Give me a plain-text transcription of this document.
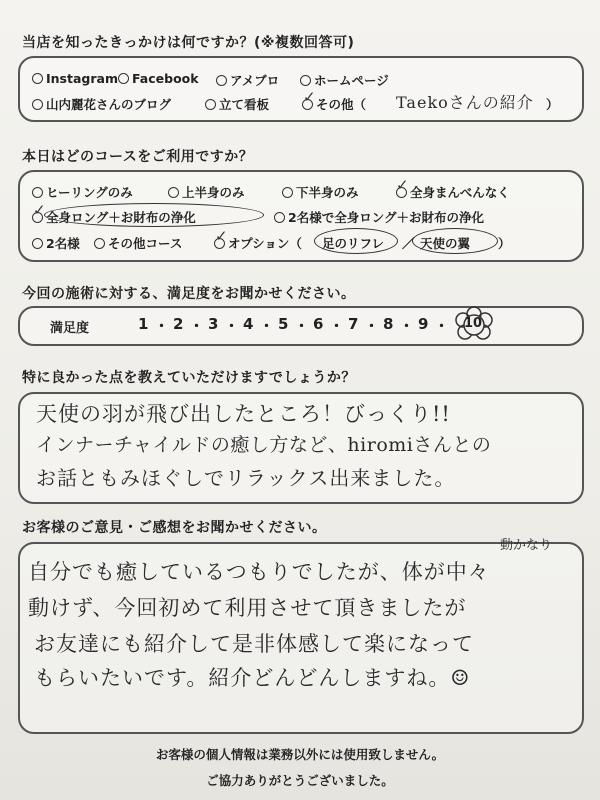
当店を知ったきっかけは何ですか？(※複数回答可)
Instagram	Facebook	アメブロ	ホームページ
山内麗花さんのブログ	立て看板	その他（
✓	Taekoさんの紹介 ）
本日はどのコースをご利用ですか？
ヒーリングのみ	上半身のみ	下半身のみ	全身まんべんなく
✓
全身ロング＋お財布の浄化
✓	2名様で全身ロング＋お財布の浄化
2名様	その他コース	オプション（
✓	足のリフレ ／ 天使の翼 ）
今回の施術に対する、満足度をお聞かせください。
満足度	1 ・ 2 ・ 3 ・ 4 ・ 5 ・ 6 ・ 7 ・ 8 ・ 9 ・ 10
特に良かった点を教えていただけますでしょうか？
天使の羽が飛び出したところ！びっくり!!
インナーチャイルドの癒し方など、hiromiさんとの
お話ともみほぐしでリラックス出来ました。
お客様のご意見・ご感想をお聞かせください。
動かなり
自分でも癒しているつもりでしたが、体が中々
動けず、今回初めて利用させて頂きましたが
お友達にも紹介して是非体感して楽になって
もらいたいです。紹介どんどんしますね。☺
お客様の個人情報は業務以外には使用致しません。
ご協力ありがとうございました。
